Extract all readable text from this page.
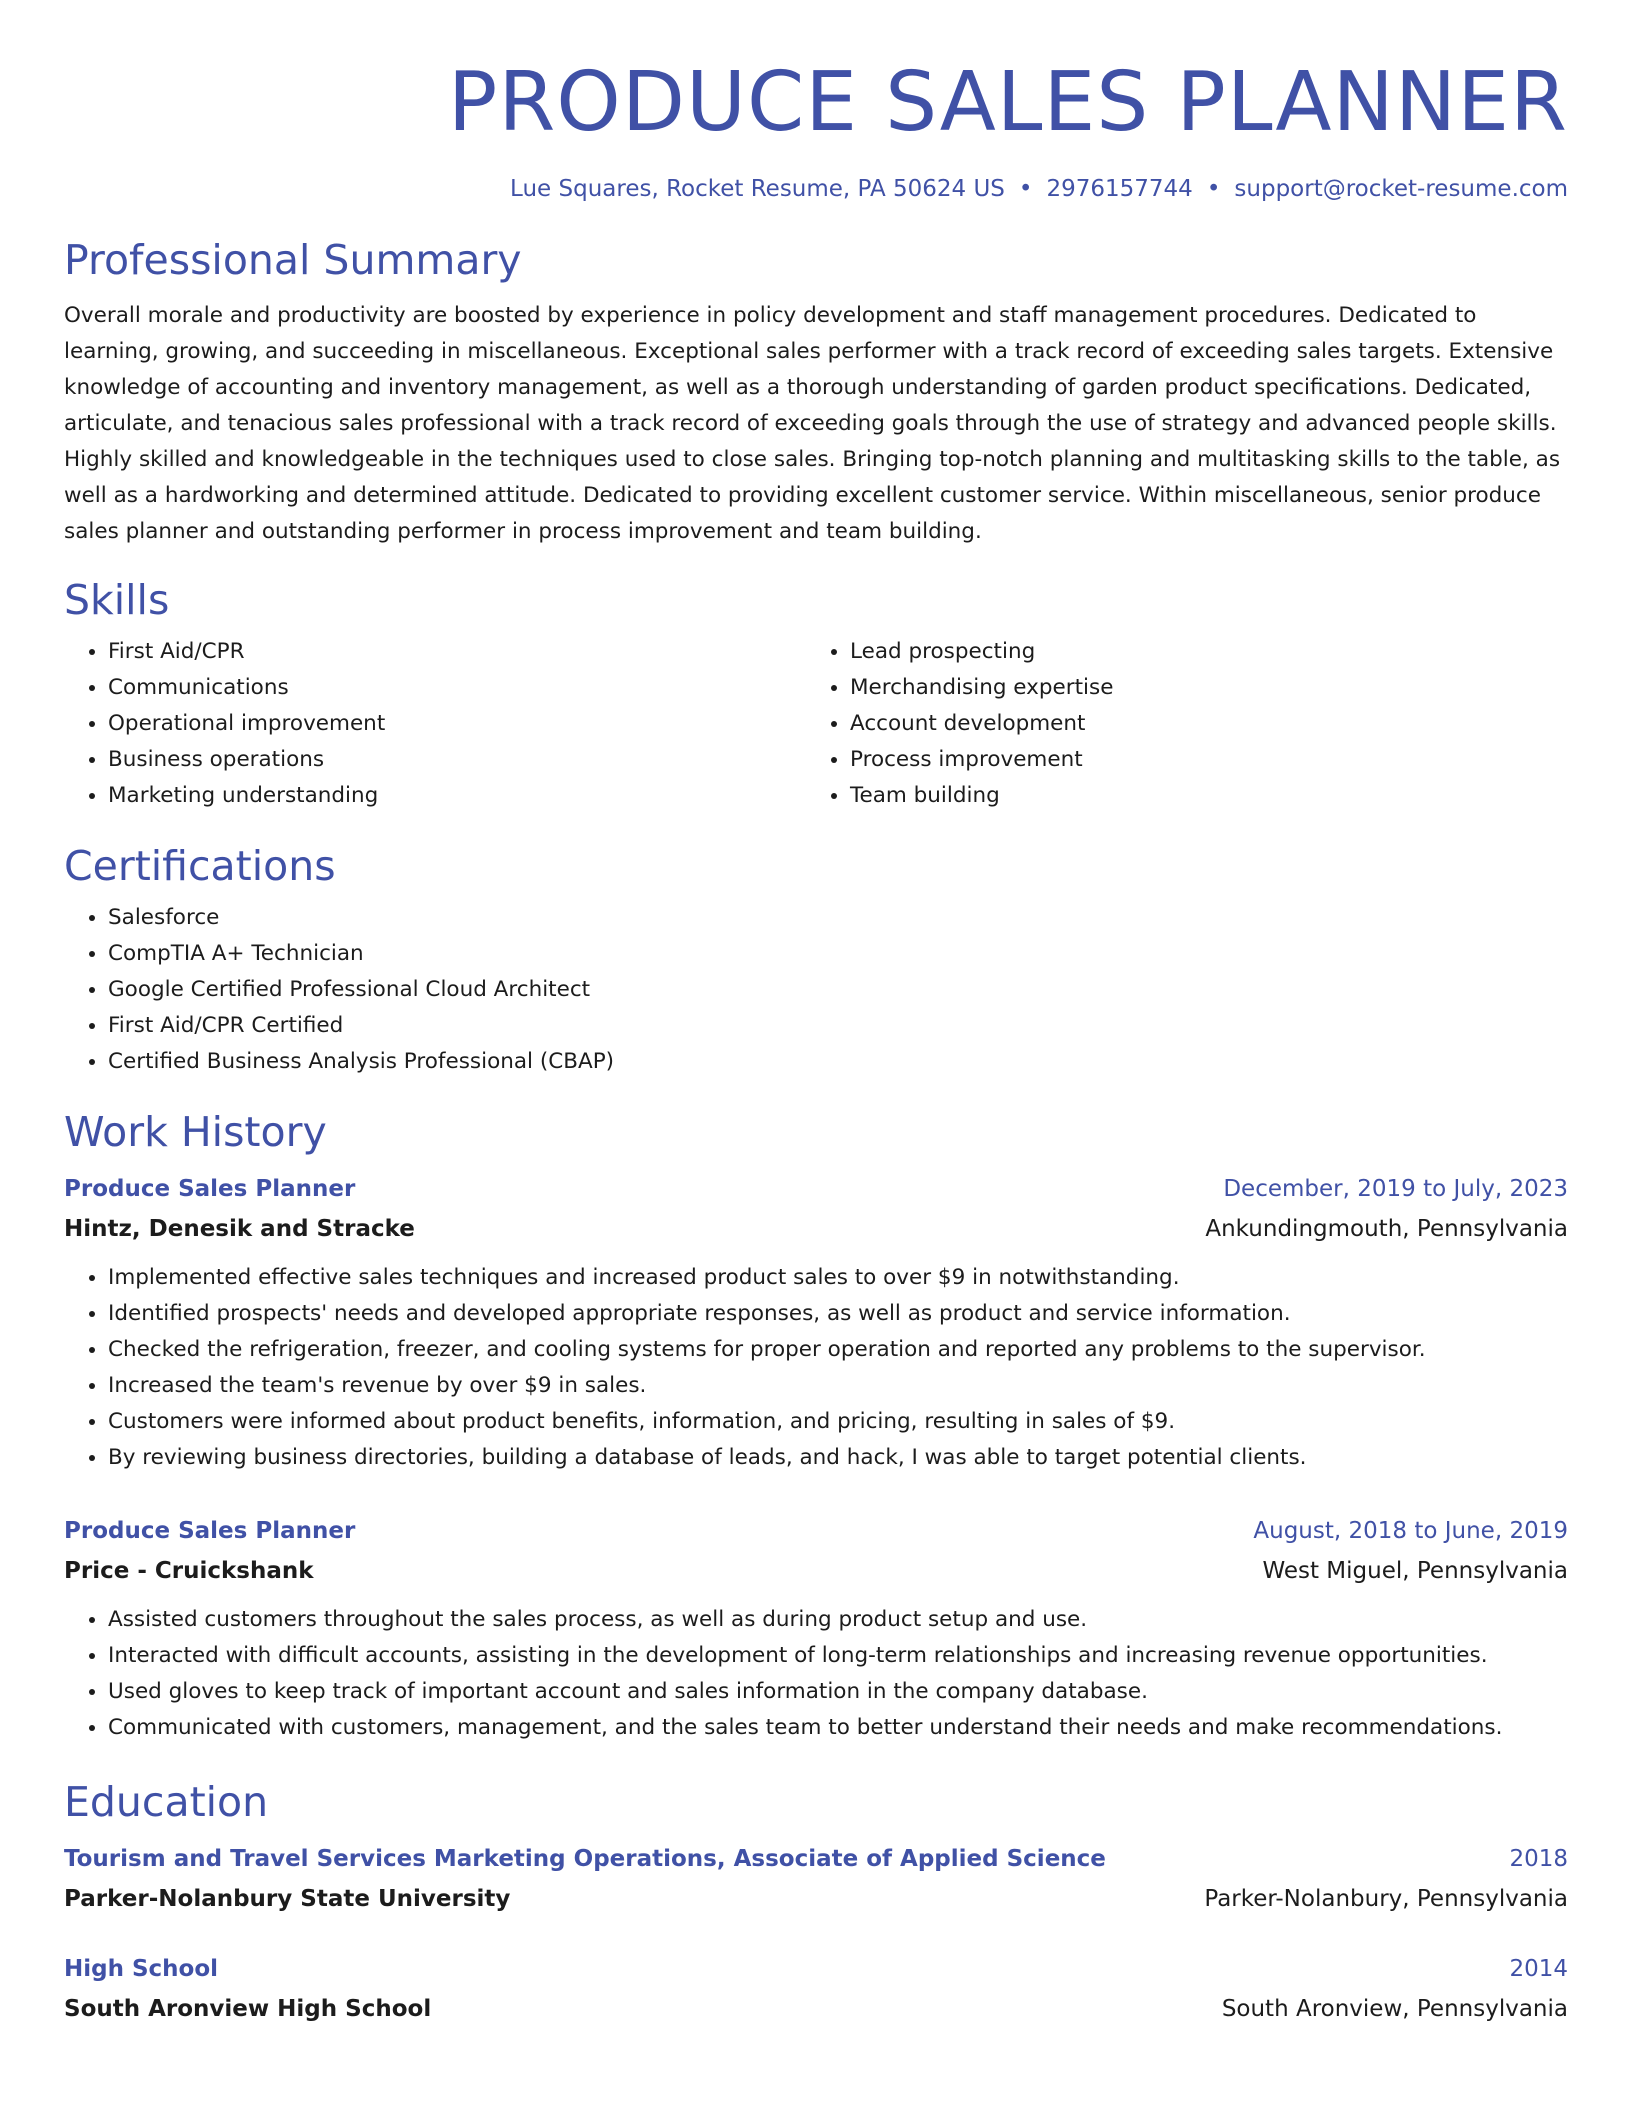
PRODUCE SALES PLANNER
Lue Squares, Rocket Resume, PA 50624 US • 2976157744 • support@rocket-resume.com
Professional Summary

Overall morale and productivity are boosted by experience in policy development and staff management procedures. Dedicated to learning, growing, and succeeding in miscellaneous. Exceptional sales performer with a track record of exceeding sales targets. Extensive knowledge of accounting and inventory management, as well as a thorough understanding of garden product specifications. Dedicated, articulate, and tenacious sales professional with a track record of exceeding goals through the use of strategy and advanced people skills. Highly skilled and knowledgeable in the techniques used to close sales. Bringing top-notch planning and multitasking skills to the table, as well as a hardworking and determined attitude. Dedicated to providing excellent customer service. Within miscellaneous, senior produce sales planner and outstanding performer in process improvement and team building.

Skills
• First Aid/CPR
• Communications
• Operational improvement
• Business operations
• Marketing understanding
• Lead prospecting
• Merchandising expertise
• Account development
• Process improvement
• Team building
Certifications
• Salesforce
• CompTIA A+ Technician
• Google Certified Professional Cloud Architect
• First Aid/CPR Certified
• Certified Business Analysis Professional (CBAP)
Work History
Produce Sales Planner	December, 2019 to July, 2023
Hintz, Denesik and Stracke	Ankundingmouth, Pennsylvania
• Implemented effective sales techniques and increased product sales to over $9 in notwithstanding.
• Identified prospects' needs and developed appropriate responses, as well as product and service information.
• Checked the refrigeration, freezer, and cooling systems for proper operation and reported any problems to the supervisor.
• Increased the team's revenue by over $9 in sales.
• Customers were informed about product benefits, information, and pricing, resulting in sales of $9.
• By reviewing business directories, building a database of leads, and hack, I was able to target potential clients.
Produce Sales Planner	August, 2018 to June, 2019
Price - Cruickshank	West Miguel, Pennsylvania
• Assisted customers throughout the sales process, as well as during product setup and use.
• Interacted with difficult accounts, assisting in the development of long-term relationships and increasing revenue opportunities.
• Used gloves to keep track of important account and sales information in the company database.
• Communicated with customers, management, and the sales team to better understand their needs and make recommendations.
Education
Tourism and Travel Services Marketing Operations, Associate of Applied Science	2018
Parker-Nolanbury State University	Parker-Nolanbury, Pennsylvania
High School	2014
South Aronview High School	South Aronview, Pennsylvania
